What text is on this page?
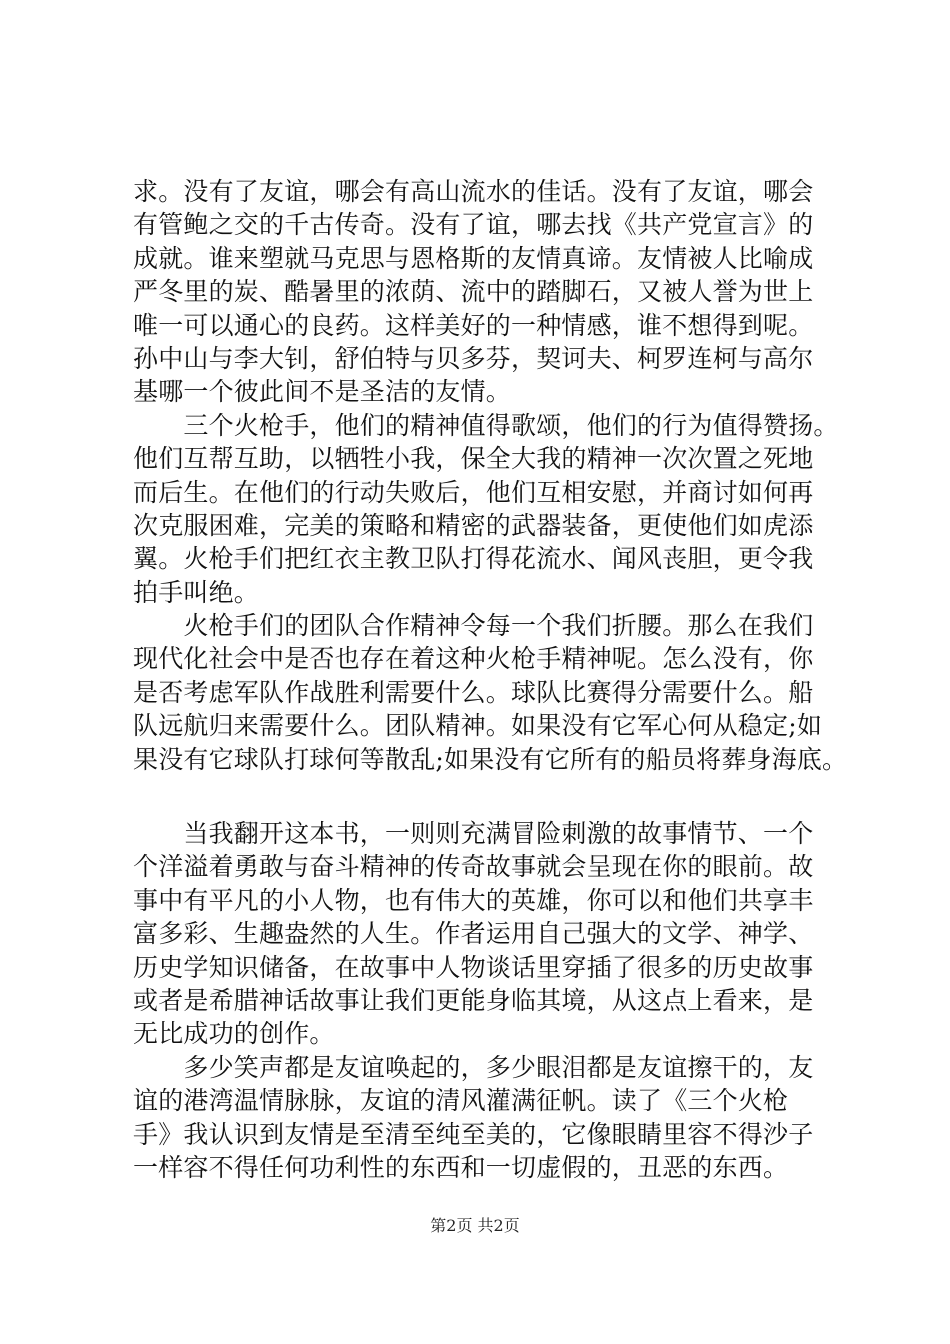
求。没有了友谊，哪会有高山流水的佳话。没有了友谊，哪会
有管鲍之交的千古传奇。没有了谊，哪去找《共产党宣言》的
成就。谁来塑就马克思与恩格斯的友情真谛。友情被人比喻成
严冬里的炭、酷暑里的浓荫、流中的踏脚石，又被人誉为世上
唯一可以通心的良药。这样美好的一种情感，谁不想得到呢。
孙中山与李大钊，舒伯特与贝多芬，契诃夫、柯罗连柯与高尔
基哪一个彼此间不是圣洁的友情。
　　三个火枪手，他们的精神值得歌颂，他们的行为值得赞扬。
他们互帮互助，以牺牲小我，保全大我的精神一次次置之死地
而后生。在他们的行动失败后，他们互相安慰，并商讨如何再
次克服困难，完美的策略和精密的武器装备，更使他们如虎添
翼。火枪手们把红衣主教卫队打得花流水、闻风丧胆，更令我
拍手叫绝。
　　火枪手们的团队合作精神令每一个我们折腰。那么在我们
现代化社会中是否也存在着这种火枪手精神呢。怎么没有，你
是否考虑军队作战胜利需要什么。球队比赛得分需要什么。船
队远航归来需要什么。团队精神。如果没有它军心何从稳定;如
果没有它球队打球何等散乱;如果没有它所有的船员将葬身海底。
　　当我翻开这本书，一则则充满冒险刺激的故事情节、一个
个洋溢着勇敢与奋斗精神的传奇故事就会呈现在你的眼前。故
事中有平凡的小人物，也有伟大的英雄，你可以和他们共享丰
富多彩、生趣盎然的人生。作者运用自己强大的文学、神学、
历史学知识储备，在故事中人物谈话里穿插了很多的历史故事
或者是希腊神话故事让我们更能身临其境，从这点上看来，是
无比成功的创作。
　　多少笑声都是友谊唤起的，多少眼泪都是友谊擦干的，友
谊的港湾温情脉脉，友谊的清风灌满征帆。读了《三个火枪
手》我认识到友情是至清至纯至美的，它像眼睛里容不得沙子
一样容不得任何功利性的东西和一切虚假的，丑恶的东西。
第2页 共2页
